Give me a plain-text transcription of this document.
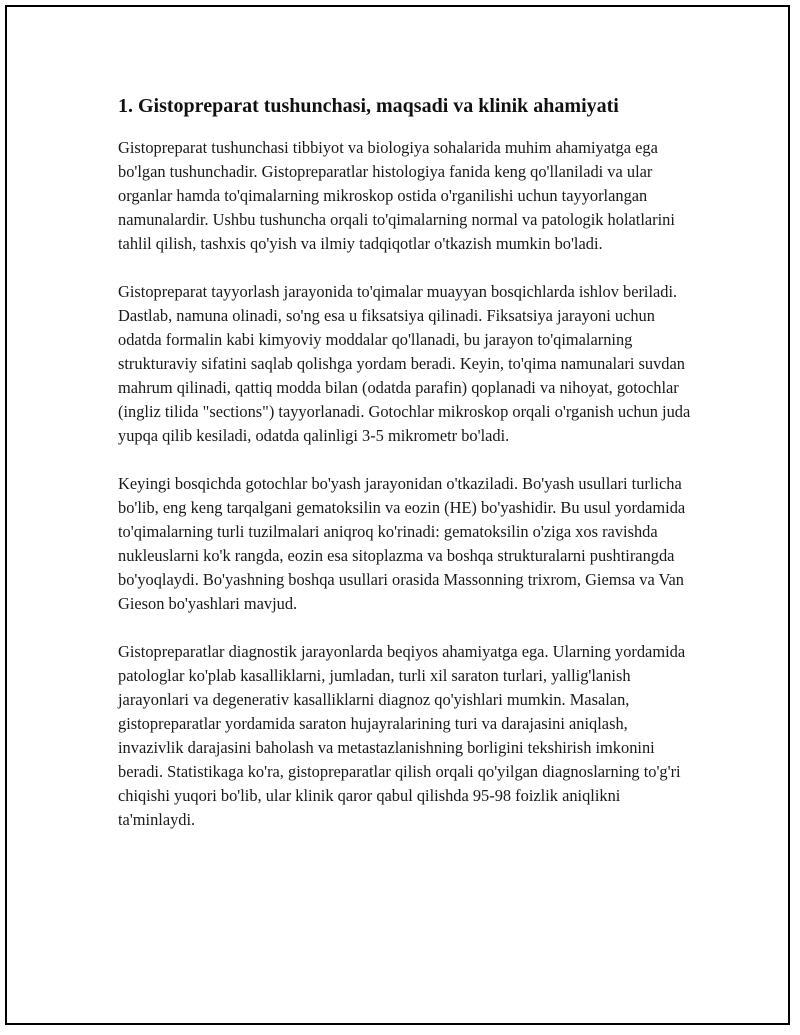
1. Gistopreparat tushunchasi, maqsadi va klinik ahamiyati

Gistopreparat tushunchasi tibbiyot va biologiya sohalarida muhim ahamiyatga ega bo'lgan tushunchadir. Gistopreparatlar histologiya fanida keng qo'llaniladi va ular organlar hamda to'qimalarning mikroskop ostida o'rganilishi uchun tayyorlangan namunalardir. Ushbu tushuncha orqali to'qimalarning normal va patologik holatlarini tahlil qilish, tashxis qo'yish va ilmiy tadqiqotlar o'tkazish mumkin bo'ladi.

Gistopreparat tayyorlash jarayonida to'qimalar muayyan bosqichlarda ishlov beriladi. Dastlab, namuna olinadi, so'ng esa u fiksatsiya qilinadi. Fiksatsiya jarayoni uchun odatda formalin kabi kimyoviy moddalar qo'llanadi, bu jarayon to'qimalarning strukturaviy sifatini saqlab qolishga yordam beradi. Keyin, to'qima namunalari suvdan mahrum qilinadi, qattiq modda bilan (odatda parafin) qoplanadi va nihoyat, gotochlar (ingliz tilida "sections") tayyorlanadi. Gotochlar mikroskop orqali o'rganish uchun juda yupqa qilib kesiladi, odatda qalinligi 3-5 mikrometr bo'ladi.

Keyingi bosqichda gotochlar bo'yash jarayonidan o'tkaziladi. Bo'yash usullari turlicha bo'lib, eng keng tarqalgani gematoksilin va eozin (HE) bo'yashidir. Bu usul yordamida to'qimalarning turli tuzilmalari aniqroq ko'rinadi: gematoksilin o'ziga xos ravishda nukleuslarni ko'k rangda, eozin esa sitoplazma va boshqa strukturalarni pushtirangda bo'yoqlaydi. Bo'yashning boshqa usullari orasida Massonning trixrom, Giemsa va Van Gieson bo'yashlari mavjud.

Gistopreparatlar diagnostik jarayonlarda beqiyos ahamiyatga ega. Ularning yordamida patologlar ko'plab kasalliklarni, jumladan, turli xil saraton turlari, yallig'lanish jarayonlari va degenerativ kasalliklarni diagnoz qo'yishlari mumkin. Masalan, gistopreparatlar yordamida saraton hujayralarining turi va darajasini aniqlash, invazivlik darajasini baholash va metastazlanishning borligini tekshirish imkonini beradi. Statistikaga ko'ra, gistopreparatlar qilish orqali qo'yilgan diagnoslarning to'g'ri chiqishi yuqori bo'lib, ular klinik qaror qabul qilishda 95-98 foizlik aniqlikni ta'minlaydi.
